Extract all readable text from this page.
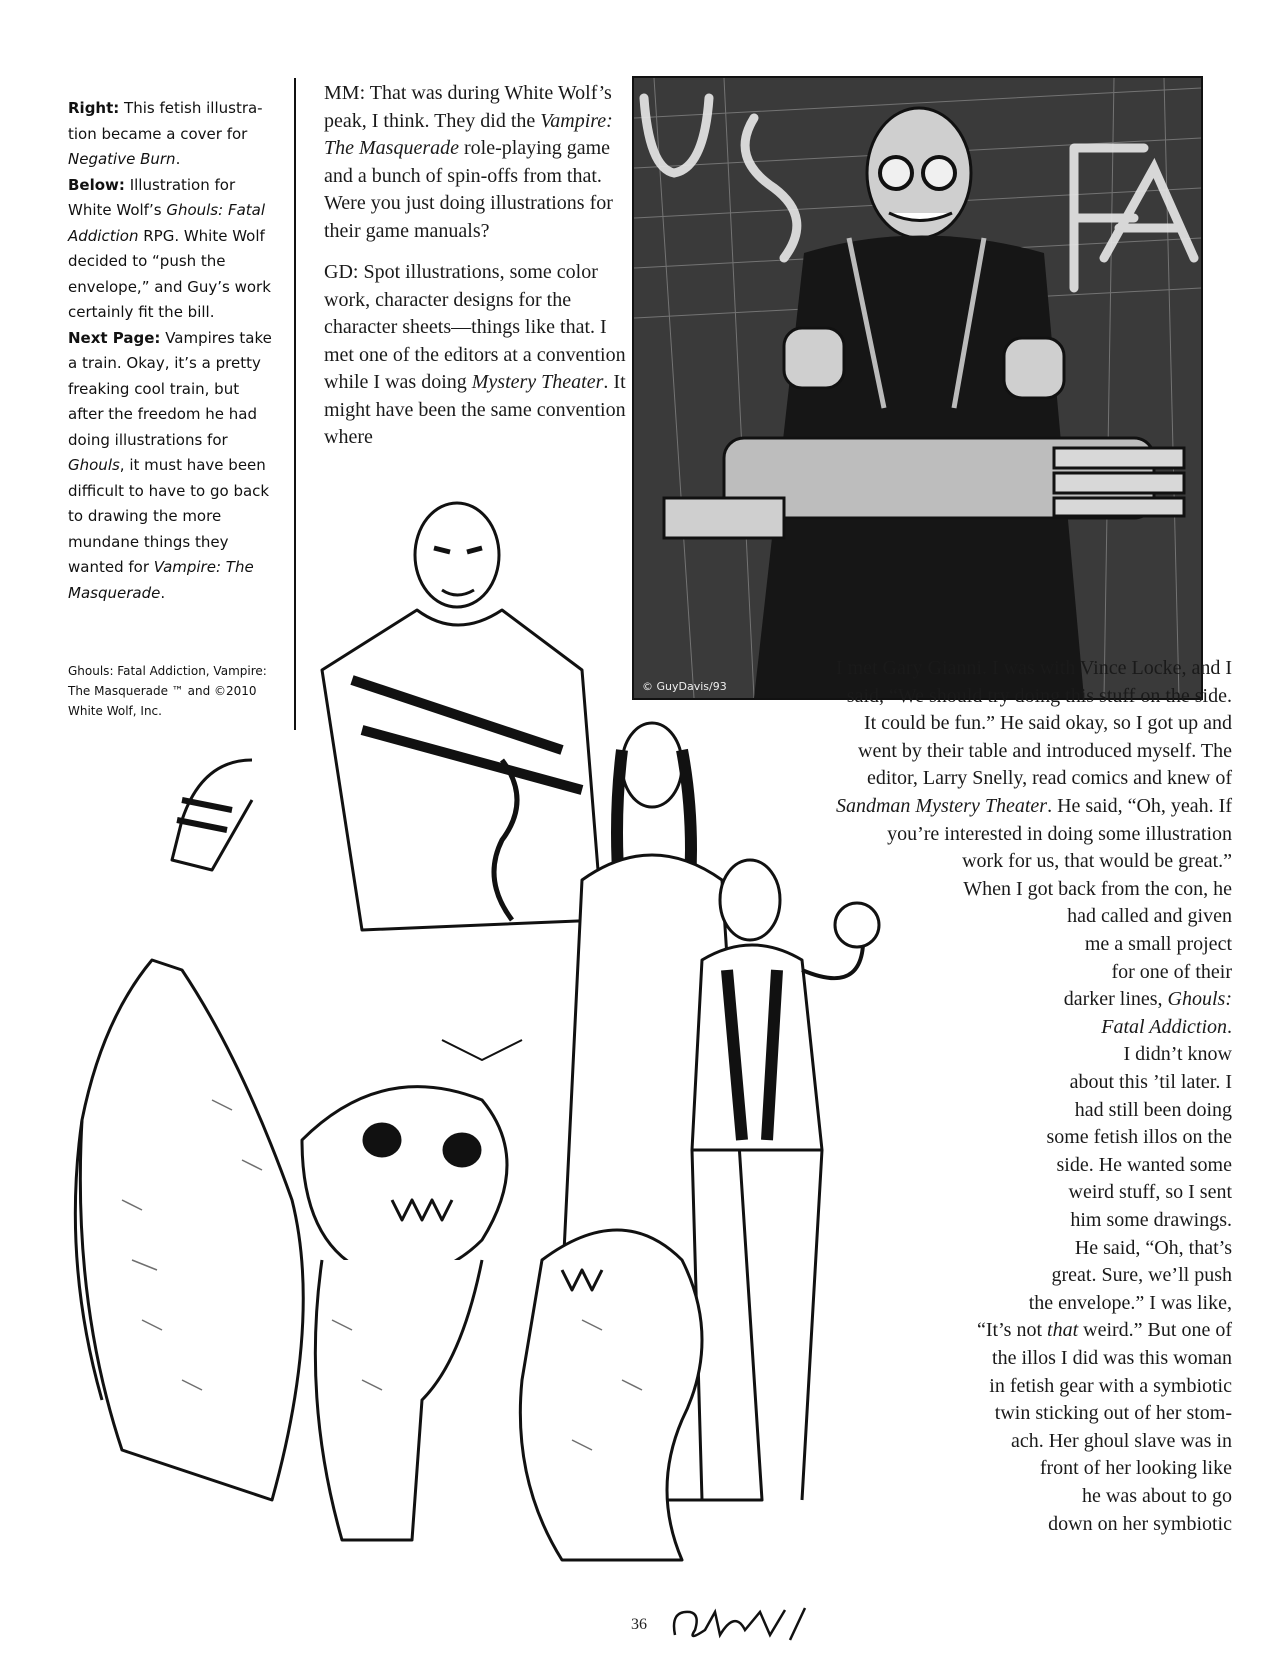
Right: This fetish illustra-tion became a cover for Negative Burn.
Below: Illustration for White Wolf’s Ghouls: Fatal Addiction RPG. White Wolf decided to “push the envelope,” and Guy’s work certainly fit the bill.
Next Page: Vampires take a train. Okay, it’s a pretty freaking cool train, but after the freedom he had doing illustrations for Ghouls, it must have been difficult to have to go back to drawing the more mundane things they wanted for Vampire: The Masquerade.

Ghouls: Fatal Addiction, Vampire: The Masquerade ™ and ©2010 White Wolf, Inc.

MM: That was during White Wolf’s peak, I think. They did the Vampire: The Masquerade role-playing game and a bunch of spin-offs from that. Were you just doing illustrations for their game manuals?

GD: Spot illustrations, some color work, character designs for the character sheets—things like that. I met one of the editors at a convention while I was doing Mystery Theater. It might have been the same convention where

© GuyDavis/93
I met Gary Gianni. I was with Vince Locke, and I
said, “We should try doing this stuff on the side.
It could be fun.” He said okay, so I got up and
went by their table and introduced myself. The
editor, Larry Snelly, read comics and knew of
Sandman Mystery Theater. He said, “Oh, yeah. If
you’re interested in doing some illustration
work for us, that would be great.”
When I got back from the con, he
had called and given
me a small project
for one of their
darker lines, Ghouls:
Fatal Addiction.
I didn’t know
about this ’til later. I
had still been doing
some fetish illos on the
side. He wanted some
weird stuff, so I sent
him some drawings.
He said, “Oh, that’s
great. Sure, we’ll push
the envelope.” I was like,
“It’s not that weird.” But one of
the illos I did was this woman
in fetish gear with a symbiotic
twin sticking out of her stom-
ach. Her ghoul slave was in
front of her looking like
he was about to go
down on her symbiotic
36
